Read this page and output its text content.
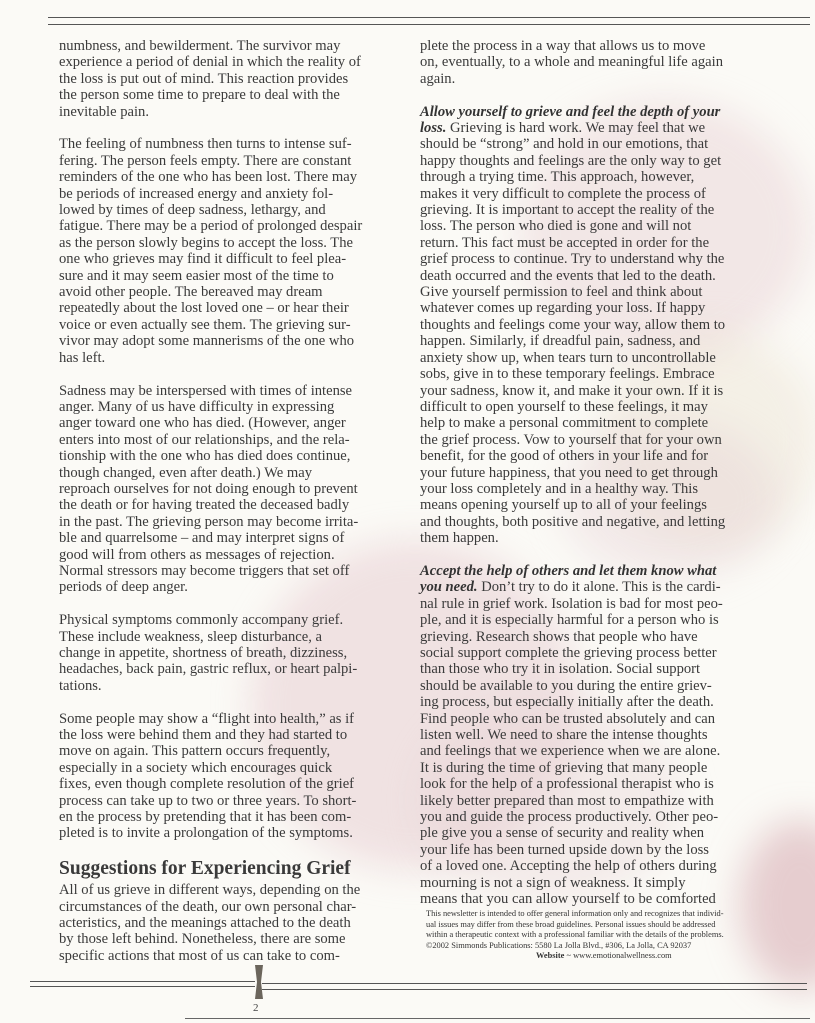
numbness, and bewilderment. The survivor may
experience a period of denial in which the reality of
the loss is put out of mind. This reaction provides
the person some time to prepare to deal with the
inevitable pain.
The feeling of numbness then turns to intense suf-
fering. The person feels empty. There are constant
reminders of the one who has been lost. There may
be periods of increased energy and anxiety fol-
lowed by times of deep sadness, lethargy, and
fatigue. There may be a period of prolonged despair
as the person slowly begins to accept the loss. The
one who grieves may find it difficult to feel plea-
sure and it may seem easier most of the time to
avoid other people. The bereaved may dream
repeatedly about the lost loved one – or hear their
voice or even actually see them. The grieving sur-
vivor may adopt some mannerisms of the one who
has left.
Sadness may be interspersed with times of intense
anger. Many of us have difficulty in expressing
anger toward one who has died. (However, anger
enters into most of our relationships, and the rela-
tionship with the one who has died does continue,
though changed, even after death.) We may
reproach ourselves for not doing enough to prevent
the death or for having treated the deceased badly
in the past. The grieving person may become irrita-
ble and quarrelsome – and may interpret signs of
good will from others as messages of rejection.
Normal stressors may become triggers that set off
periods of deep anger.
Physical symptoms commonly accompany grief.
These include weakness, sleep disturbance, a
change in appetite, shortness of breath, dizziness,
headaches, back pain, gastric reflux, or heart palpi-
tations.
Some people may show a “flight into health,” as if
the loss were behind them and they had started to
move on again. This pattern occurs frequently,
especially in a society which encourages quick
fixes, even though complete resolution of the grief
process can take up to two or three years. To short-
en the process by pretending that it has been com-
pleted is to invite a prolongation of the symptoms.
Suggestions for Experiencing Grief
All of us grieve in different ways, depending on the
circumstances of the death, our own personal char-
acteristics, and the meanings attached to the death
by those left behind. Nonetheless, there are some
specific actions that most of us can take to com-
plete the process in a way that allows us to move
on, eventually, to a whole and meaningful life again
again.
Allow yourself to grieve and feel the depth of your
loss. Grieving is hard work. We may feel that we
should be “strong” and hold in our emotions, that
happy thoughts and feelings are the only way to get
through a trying time. This approach, however,
makes it very difficult to complete the process of
grieving. It is important to accept the reality of the
loss. The person who died is gone and will not
return. This fact must be accepted in order for the
grief process to continue. Try to understand why the
death occurred and the events that led to the death.
Give yourself permission to feel and think about
whatever comes up regarding your loss. If happy
thoughts and feelings come your way, allow them to
happen. Similarly, if dreadful pain, sadness, and
anxiety show up, when tears turn to uncontrollable
sobs, give in to these temporary feelings. Embrace
your sadness, know it, and make it your own. If it is
difficult to open yourself to these feelings, it may
help to make a personal commitment to complete
the grief process. Vow to yourself that for your own
benefit, for the good of others in your life and for
your future happiness, that you need to get through
your loss completely and in a healthy way. This
means opening yourself up to all of your feelings
and thoughts, both positive and negative, and letting
them happen.
Accept the help of others and let them know what
you need. Don’t try to do it alone. This is the cardi-
nal rule in grief work. Isolation is bad for most peo-
ple, and it is especially harmful for a person who is
grieving. Research shows that people who have
social support complete the grieving process better
than those who try it in isolation. Social support
should be available to you during the entire griev-
ing process, but especially initially after the death.
Find people who can be trusted absolutely and can
listen well. We need to share the intense thoughts
and feelings that we experience when we are alone.
It is during the time of grieving that many people
look for the help of a professional therapist who is
likely better prepared than most to empathize with
you and guide the process productively. Other peo-
ple give you a sense of security and reality when
your life has been turned upside down by the loss
of a loved one. Accepting the help of others during
mourning is not a sign of weakness. It simply
means that you can allow yourself to be comforted
This newsletter is intended to offer general information only and recognizes that individ-
ual issues may differ from these broad guidelines. Personal issues should be addressed
within a therapeutic context with a professional familiar with the details of the problems.
©2002 Simmonds Publications: 5580 La Jolla Blvd., #306, La Jolla, CA 92037
Website ~ www.emotionalwellness.com
2
